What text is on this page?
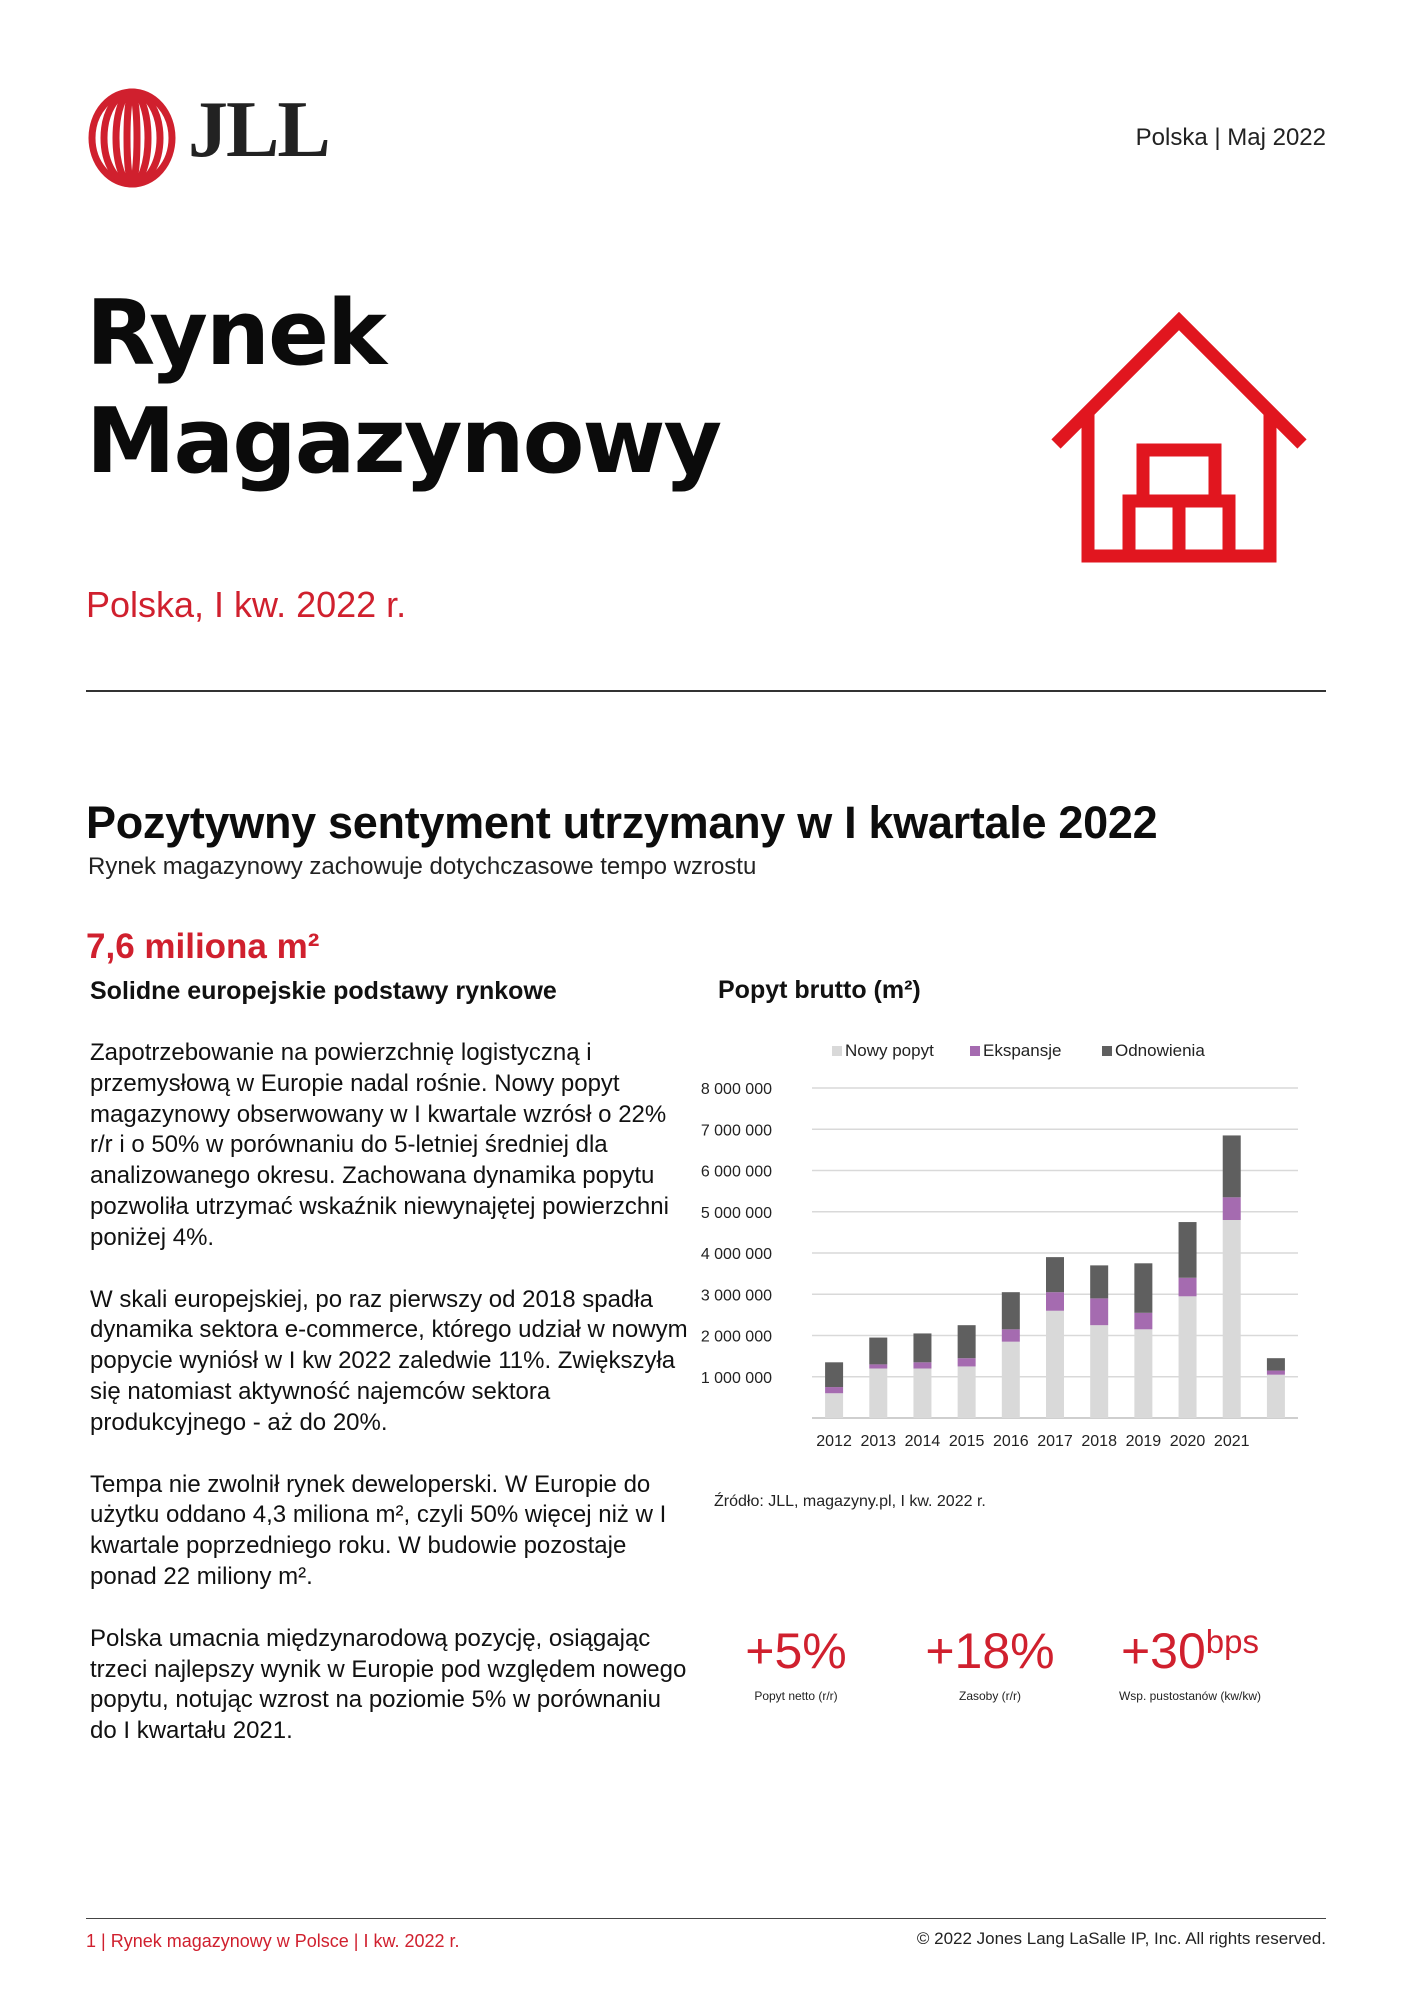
JLL	Polska | Maj 2022
Rynek
Magazynowy
Polska, I kw. 2022 r.
Pozytywny sentyment utrzymany w I kwartale 2022
Rynek magazynowy zachowuje dotychczasowe tempo wzrostu
7,6 miliona m²
Solidne europejskie podstawy rynkowe

Zapotrzebowanie na powierzchnię logistyczną i przemysłową w Europie nadal rośnie. Nowy popyt magazynowy obserwowany w I kwartale wzrósł o 22% r/r i o 50% w porównaniu do 5-letniej średniej dla analizowanego okresu. Zachowana dynamika popytu pozwoliła utrzymać wskaźnik niewynajętej powierzchni poniżej 4%.

W skali europejskiej, po raz pierwszy od 2018 spadła dynamika sektora e-commerce, którego udział w nowym popycie wyniósł w I kw 2022 zaledwie 11%. Zwiększyła się natomiast aktywność najemców sektora produkcyjnego - aż do 20%.

Tempa nie zwolnił rynek deweloperski. W Europie do użytku oddano 4,3 miliona m², czyli 50% więcej niż w I kwartale poprzedniego roku. W budowie pozostaje ponad 22 miliony m².

Polska umacnia międzynarodową pozycję, osiągając trzeci najlepszy wynik w Europie pod względem nowego popytu, notując wzrost na poziomie 5% w porównaniu do I kwartału 2021.

Popyt brutto (m²)
Nowy popyt	Ekspansje	Odnowienia
1 000 000
2 000 000
3 000 000
4 000 000
5 000 000
6 000 000
7 000 000
8 000 000
2012 2013 2014 2015 2016 2017 2018 2019 2020 2021
Źródło: JLL, magazyny.pl, I kw. 2022 r.
+5%
Popyt netto (r/r)
+18%
Zasoby (r/r)
$+30^{bps}$
Wsp. pustostanów (kw/kw)
1 | Rynek magazynowy w Polsce | I kw. 2022 r.	© 2022 Jones Lang LaSalle IP, Inc. All rights reserved.
